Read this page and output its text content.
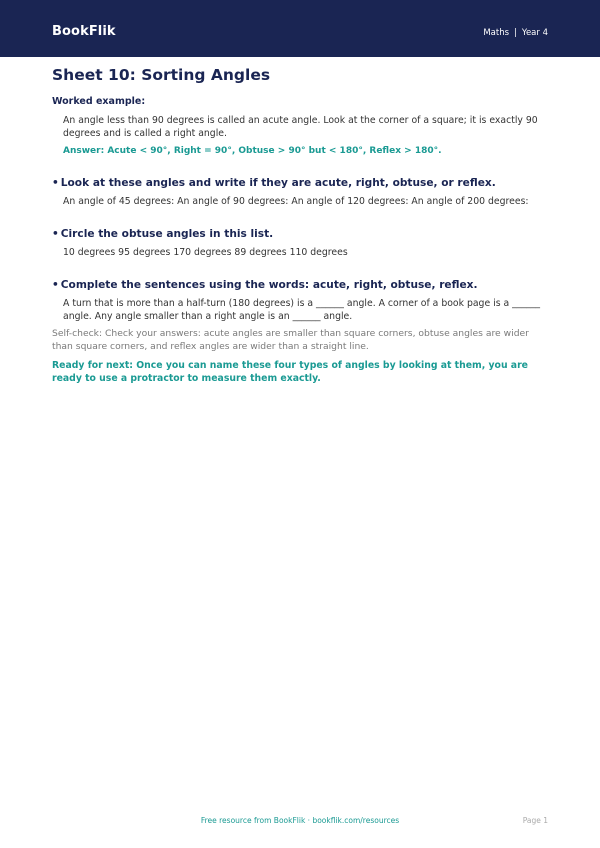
BookFlik	Maths | Year 4
Sheet 10: Sorting Angles
Worked example:
An angle less than 90 degrees is called an acute angle. Look at the corner of a square; it is exactly 90 degrees and is called a right angle.
Answer: Acute < 90°, Right = 90°, Obtuse > 90° but < 180°, Reflex > 180°.
• Look at these angles and write if they are acute, right, obtuse, or reflex.
An angle of 45 degrees: An angle of 90 degrees: An angle of 120 degrees: An angle of 200 degrees:
• Circle the obtuse angles in this list.
10 degrees 95 degrees 170 degrees 89 degrees 110 degrees
• Complete the sentences using the words: acute, right, obtuse, reflex.
A turn that is more than a half-turn (180 degrees) is a ______ angle. A corner of a book page is a ______ angle. Any angle smaller than a right angle is an ______ angle.
Self-check: Check your answers: acute angles are smaller than square corners, obtuse angles are wider than square corners, and reflex angles are wider than a straight line.
Ready for next: Once you can name these four types of angles by looking at them, you are ready to use a protractor to measure them exactly.
Free resource from BookFlik · bookflik.com/resources	Page 1
